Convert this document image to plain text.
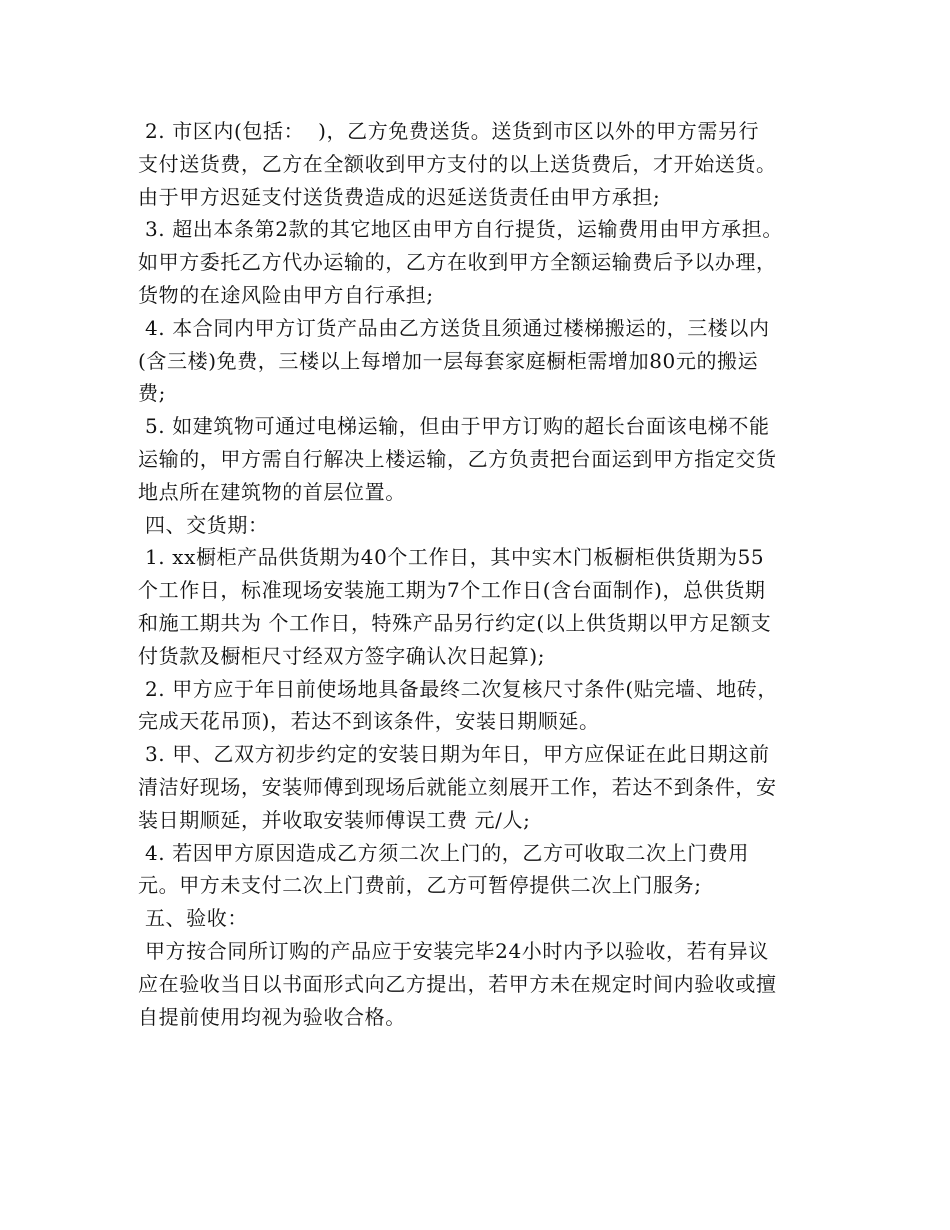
2. 市区内(包括：  )，乙方免费送货。送货到市区以外的甲方需另行
支付送货费，乙方在全额收到甲方支付的以上送货费后，才开始送货。
由于甲方迟延支付送货费造成的迟延送货责任由甲方承担;
3. 超出本条第2款的其它地区由甲方自行提货，运输费用由甲方承担。
如甲方委托乙方代办运输的，乙方在收到甲方全额运输费后予以办理，
货物的在途风险由甲方自行承担;
4. 本合同内甲方订货产品由乙方送货且须通过楼梯搬运的，三楼以内
(含三楼)免费，三楼以上每增加一层每套家庭橱柜需增加80元的搬运
费;
5. 如建筑物可通过电梯运输，但由于甲方订购的超长台面该电梯不能
运输的，甲方需自行解决上楼运输，乙方负责把台面运到甲方指定交货
地点所在建筑物的首层位置。
四、交货期：
1. xx橱柜产品供货期为40个工作日，其中实木门板橱柜供货期为55
个工作日，标准现场安装施工期为7个工作日(含台面制作)，总供货期
和施工期共为 个工作日，特殊产品另行约定(以上供货期以甲方足额支
付货款及橱柜尺寸经双方签字确认次日起算);
2. 甲方应于年日前使场地具备最终二次复核尺寸条件(贴完墙、地砖，
完成天花吊顶)，若达不到该条件，安装日期顺延。
3. 甲、乙双方初步约定的安装日期为年日，甲方应保证在此日期这前
清洁好现场，安装师傅到现场后就能立刻展开工作，若达不到条件，安
装日期顺延，并收取安装师傅误工费 元/人;
4. 若因甲方原因造成乙方须二次上门的，乙方可收取二次上门费用
元。甲方未支付二次上门费前，乙方可暂停提供二次上门服务;
五、验收：
甲方按合同所订购的产品应于安装完毕24小时内予以验收，若有异议
应在验收当日以书面形式向乙方提出，若甲方未在规定时间内验收或擅
自提前使用均视为验收合格。
